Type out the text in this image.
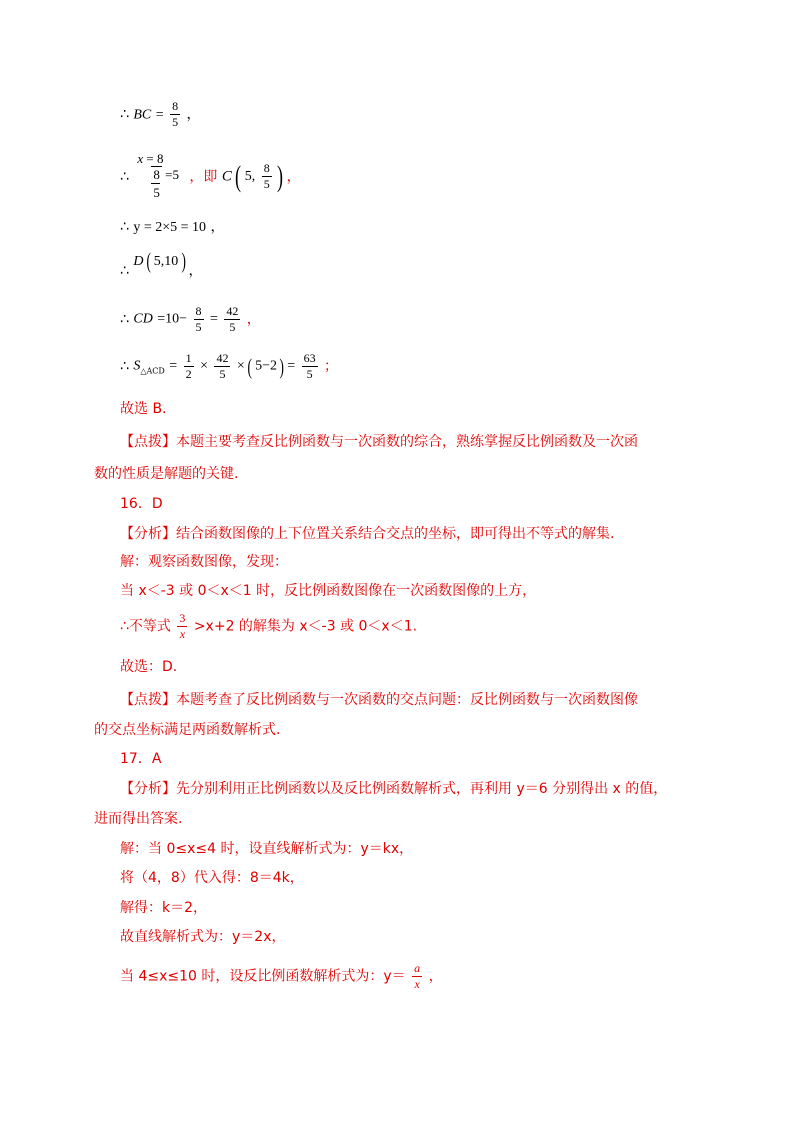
∴ BC = $\frac{8}{5}$ ，
∴
x = 8
8 =5
5
，即 C ( 5, $\frac{8}{5}$ ) ，
∴ y = 2×5 = 10 ，
∴ D ( 5,10 ) ，
∴ CD $=10- \frac{8}{5} = \frac{42}{5}$ ，
∴ $S_{\triangle ACD} = \frac{1}{2} \times \frac{42}{5}$ × ( 5−2 ) = $\frac{63}{5}$ ；
故选 B.
【点拨】本题主要考查反比例函数与一次函数的综合，熟练掌握反比例函数及一次函
数的性质是解题的关键.
16．D
【分析】结合函数图像的上下位置关系结合交点的坐标，即可得出不等式的解集.
解：观察函数图像，发现：
当 x＜-3 或 0＜x＜1 时，反比例函数图像在一次函数图像的上方，
∴不等式 $\frac{3}{x} >x+2$ 的解集为 x＜-3 或 0＜x＜1.
故选：D.
【点拨】本题考查了反比例函数与一次函数的交点问题：反比例函数与一次函数图像
的交点坐标满足两函数解析式.
17．A
【分析】先分别利用正比例函数以及反比例函数解析式，再利用 y＝6 分别得出 x 的值，
进而得出答案.
解：当 0≤x≤4 时，设直线解析式为：y＝kx，
将（4，8）代入得：8＝4k，
解得：k＝2，
故直线解析式为：y＝2x，
当 4≤x≤10 时，设反比例函数解析式为：$y= \frac{a}{x}$ ，
